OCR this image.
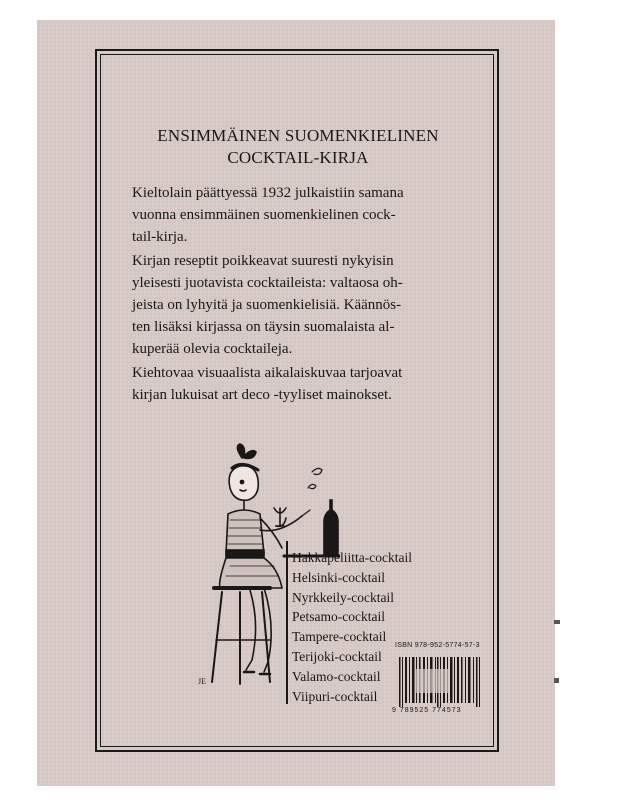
ENSIMMÄINEN SUOMENKIELINEN
COCKTAIL-KIRJA
Kieltolain päättyessä 1932 julkaistiin samana
vuonna ensimmäinen suomenkielinen cock-
tail-kirja.
Kirjan reseptit poikkeavat suuresti nykyisin
yleisesti juotavista cocktaileista: valtaosa oh-
jeista on lyhyitä ja suomenkielisiä. Käännös-
ten lisäksi kirjassa on täysin suomalaista al-
kuperää olevia cocktaileja.
Kiehtovaa visuaalista aikalaiskuvaa tarjoavat
kirjan lukuisat art deco -tyyliset mainokset.
JE
Hakkapeliitta-cocktail
Helsinki-cocktail
Nyrkkeily-cocktail
Petsamo-cocktail
Tampere-cocktail
Terijoki-cocktail
Valamo-cocktail
Viipuri-cocktail
ISBN 978-952-5774-57-3
9 789525 774573
